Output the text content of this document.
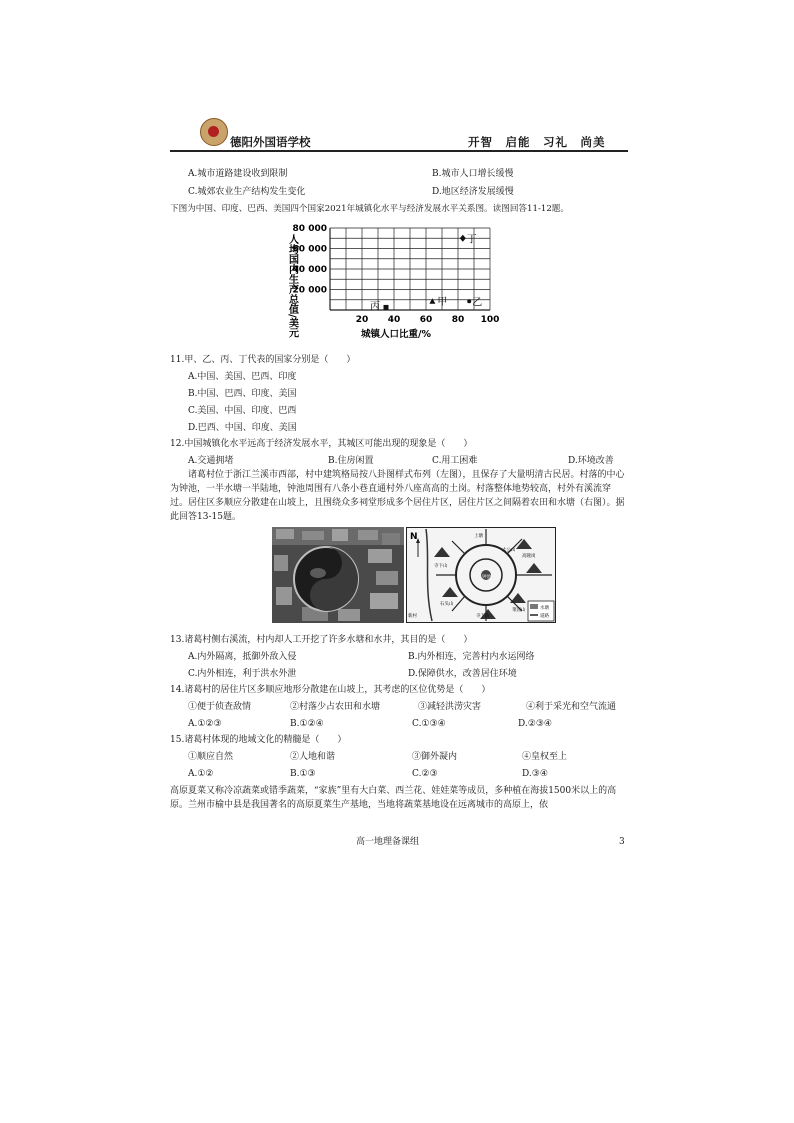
德阳外国语学校	开智　启能　习礼　尚美
A.城市道路建设收到限制	B.城市人口增长缓慢
C.城郊农业生产结构发生变化	D.地区经济发展缓慢
下图为中国、印度、巴西、美国四个国家2021年城镇化水平与经济发展水平关系图。读图回答11-12题。
20 40 60 80 100
20 000
40 000
60 000
80 000
丁
乙
丙	甲
人均国内生产总值/美元	城镇人口比重/%
11.甲、乙、丙、丁代表的国家分别是（　　）
A.中国、美国、巴西、印度
B.中国、巴西、印度、美国
C.美国、中国、印度、巴西
D.巴西、中国、印度、美国
12.中国城镇化水平远高于经济发展水平，其城区可能出现的现象是（　　）
A.交通拥堵	B.住房闲置	C.用工困难	D.环境改善
诸葛村位于浙江兰溪市西部，村中建筑格局按八卦图样式布列（左图），且保存了大量明清古民居。村落的中心为钟池，一半水塘一半陆地，钟池周围有八条小巷直通村外八座高高的土岗。村落整体地势较高，村外有溪流穿过。居住区多顺应分散建在山坡上，且围绕众多祠堂形成多个居住片区，居住片区之间隔着农田和水塘（右图）。据此回答13-15题。
N	上塘
钟池
寺下山
高隆岗
石头山
太公山
寺下山
菜园山
新村
水塘
道路
13.诸葛村侧右溪流，村内却人工开挖了许多水塘和水井，其目的是（　　）
A.内外隔离，抵御外敌入侵	B.内外相连，完善村内水运网络
C.内外相连，利于洪水外泄	D.保障供水，改善居住环境
14.诸葛村的居住片区多顺应地形分散建在山坡上，其考虑的区位优势是（　　）
①便于侦查敌情	②村落少占农田和水塘	③减轻洪涝灾害	④利于采光和空气流通
A.①②③	B.①②④	C.①③④	D.②③④
15.诸葛村体现的地域文化的精髓是（　　）
①顺应自然	②人地和谐	③御外凝内	④皇权至上
A.①②	B.①③	C.②③	D.③④
高原夏菜又称冷凉蔬菜或错季蔬菜，“家族”里有大白菜、西兰花、娃娃菜等成员，多种植在海拔1500米以上的高原。兰州市榆中县是我国著名的高原夏菜生产基地，当地将蔬菜基地设在远离城市的高原上，依
高一地理备课组	3
